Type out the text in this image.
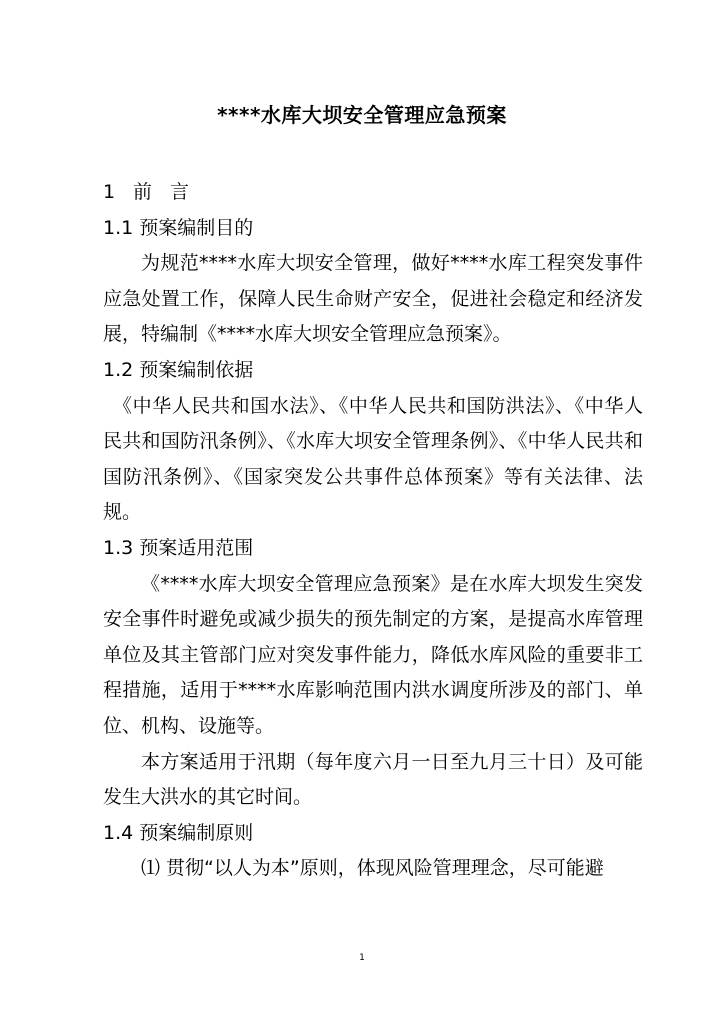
****水库大坝安全管理应急预案

1 前言

1.1 预案编制目的

为规范****水库大坝安全管理，做好****水库工程突发事件应急处置工作，保障人民生命财产安全，促进社会稳定和经济发展，特编制《****水库大坝安全管理应急预案》。

1.2 预案编制依据

《中华人民共和国水法》、《中华人民共和国防洪法》、《中华人民共和国防汛条例》、《水库大坝安全管理条例》、《中华人民共和国防汛条例》、《国家突发公共事件总体预案》等有关法律、法规。

1.3 预案适用范围

《****水库大坝安全管理应急预案》是在水库大坝发生突发安全事件时避免或减少损失的预先制定的方案，是提高水库管理单位及其主管部门应对突发事件能力，降低水库风险的重要非工程措施，适用于****水库影响范围内洪水调度所涉及的部门、单位、机构、设施等。

本方案适用于汛期（每年度六月一日至九月三十日）及可能发生大洪水的其它时间。

1.4 预案编制原则

⑴ 贯彻“以人为本”原则，体现风险管理理念，尽可能避

1
